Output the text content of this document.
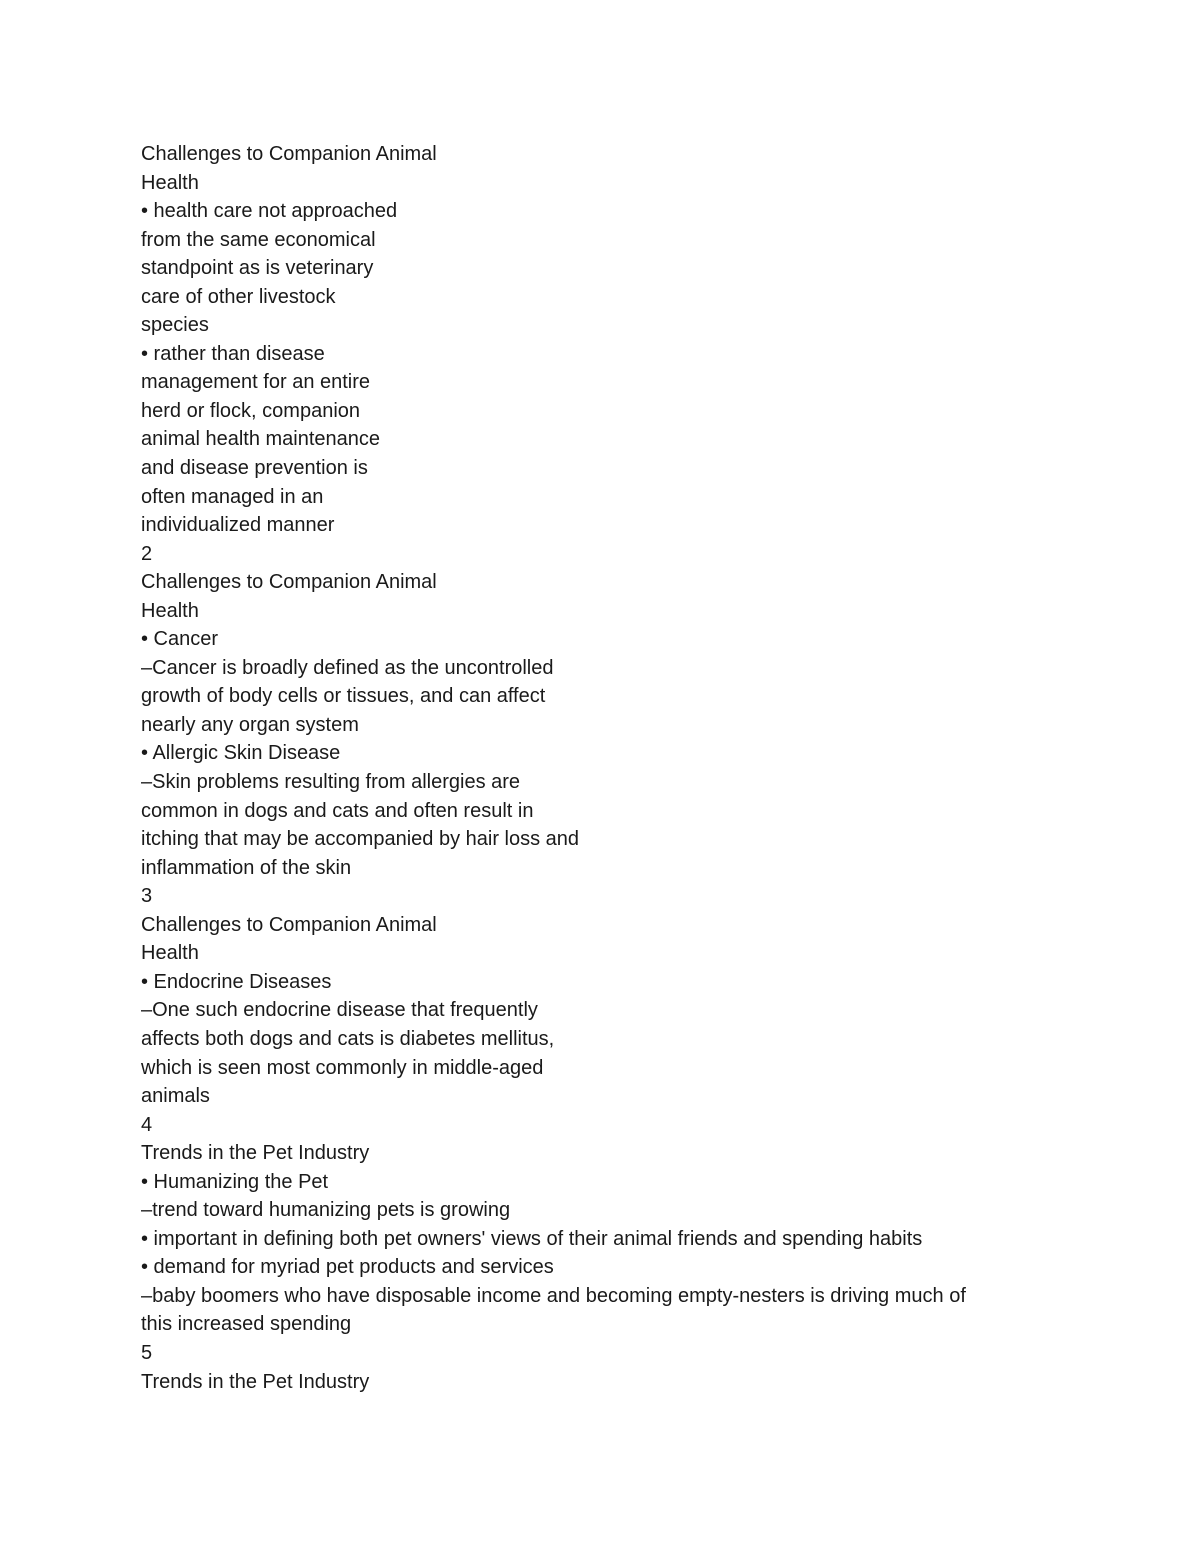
Challenges to Companion Animal
Health
• health care not approached
from the same economical
standpoint as is veterinary
care of other livestock
species
• rather than disease
management for an entire
herd or flock, companion
animal health maintenance
and disease prevention is
often managed in an
individualized manner
2
Challenges to Companion Animal
Health
• Cancer
–Cancer is broadly defined as the uncontrolled
growth of body cells or tissues, and can affect
nearly any organ system
• Allergic Skin Disease
–Skin problems resulting from allergies are
common in dogs and cats and often result in
itching that may be accompanied by hair loss and
inflammation of the skin
3
Challenges to Companion Animal
Health
• Endocrine Diseases
–One such endocrine disease that frequently
affects both dogs and cats is diabetes mellitus,
which is seen most commonly in middle-aged
animals
4
Trends in the Pet Industry
• Humanizing the Pet
–trend toward humanizing pets is growing
• important in defining both pet owners' views of their animal friends and spending habits
• demand for myriad pet products and services
–baby boomers who have disposable income and becoming empty-nesters is driving much of
this increased spending
5
Trends in the Pet Industry
